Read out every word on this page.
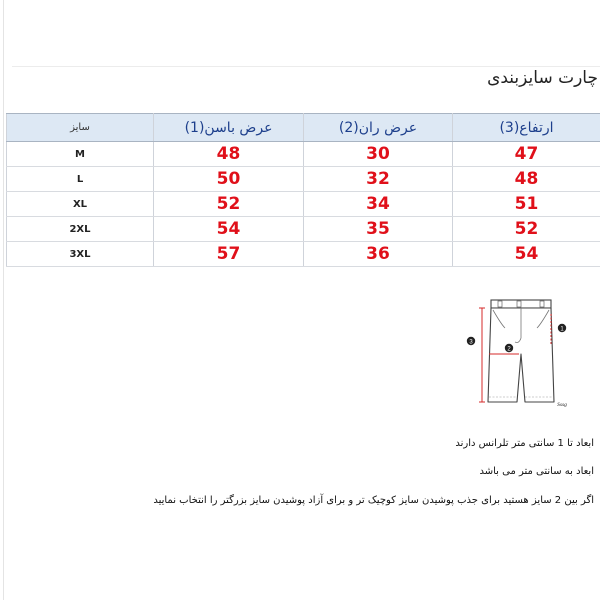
چارت سایزبندی
سایز	عرض باسن(1)	عرض ران(2)	ارتفاع(3)
M	48	30	47
L	50	32	48
XL	52	34	51
2XL	54	35	52
3XL	57	36	54
3
2
1
Sssg
ابعاد تا 1 سانتی متر تلرانس دارند
ابعاد به سانتی متر می باشد
اگر بین 2 سایز هستید برای جذب پوشیدن سایز کوچیک تر و برای آزاد پوشیدن سایز بزرگتر را انتخاب نمایید
